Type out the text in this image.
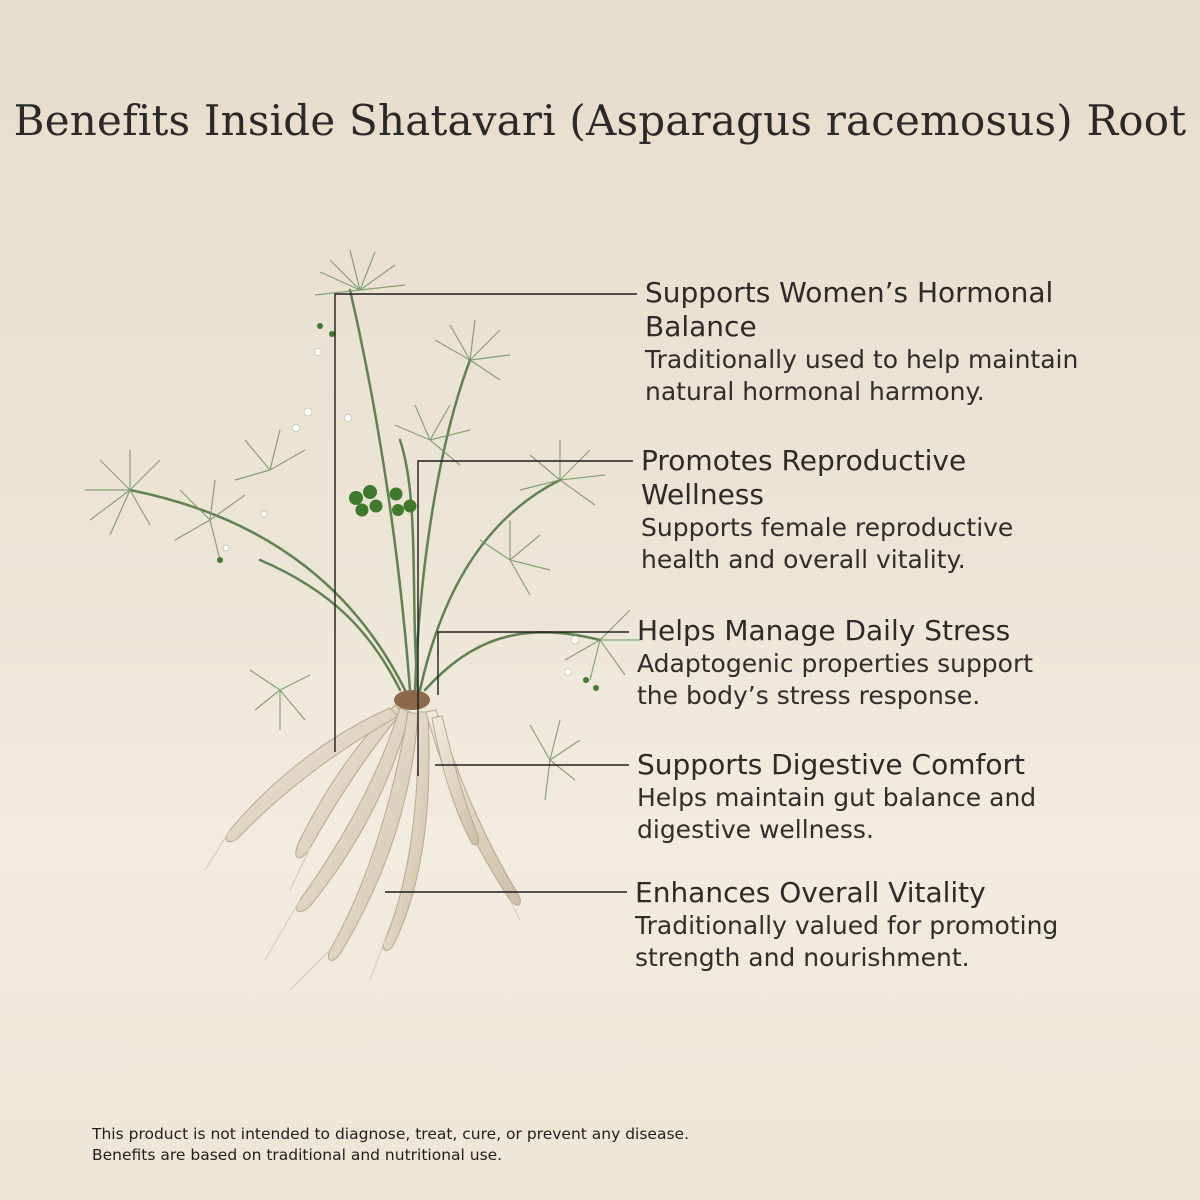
Benefits Inside Shatavari (Asparagus racemosus) Root
Supports Women’s Hormonal Balance
Traditionally used to help maintain natural hormonal harmony.
Promotes Reproductive Wellness
Supports female reproductive health and overall vitality.
Helps Manage Daily Stress
Adaptogenic properties support the body’s stress response.
Supports Digestive Comfort
Helps maintain gut balance and digestive wellness.
Enhances Overall Vitality
Traditionally valued for promoting strength and nourishment.
This product is not intended to diagnose, treat, cure, or prevent any disease.
Benefits are based on traditional and nutritional use.
